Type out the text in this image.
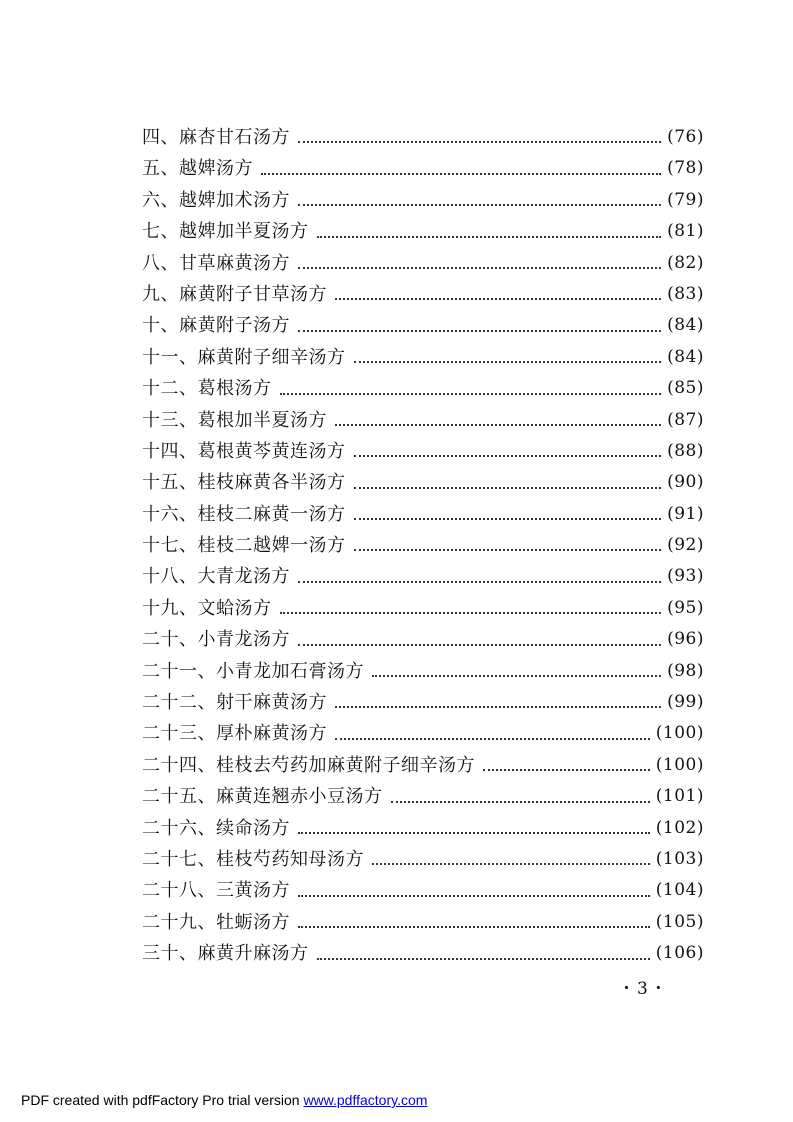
四、麻杏甘石汤方	(76)
五、越婢汤方	(78)
六、越婢加术汤方	(79)
七、越婢加半夏汤方	(81)
八、甘草麻黄汤方	(82)
九、麻黄附子甘草汤方	(83)
十、麻黄附子汤方	(84)
十一、麻黄附子细辛汤方	(84)
十二、葛根汤方	(85)
十三、葛根加半夏汤方	(87)
十四、葛根黄芩黄连汤方	(88)
十五、桂枝麻黄各半汤方	(90)
十六、桂枝二麻黄一汤方	(91)
十七、桂枝二越婢一汤方	(92)
十八、大青龙汤方	(93)
十九、文蛤汤方	(95)
二十、小青龙汤方	(96)
二十一、小青龙加石膏汤方	(98)
二十二、射干麻黄汤方	(99)
二十三、厚朴麻黄汤方	(100)
二十四、桂枝去芍药加麻黄附子细辛汤方	(100)
二十五、麻黄连翘赤小豆汤方	(101)
二十六、续命汤方	(102)
二十七、桂枝芍药知母汤方	(103)
二十八、三黄汤方	(104)
二十九、牡蛎汤方	(105)
三十、麻黄升麻汤方	(106)
・3・
PDF created with pdfFactory Pro trial version www.pdffactory.com
